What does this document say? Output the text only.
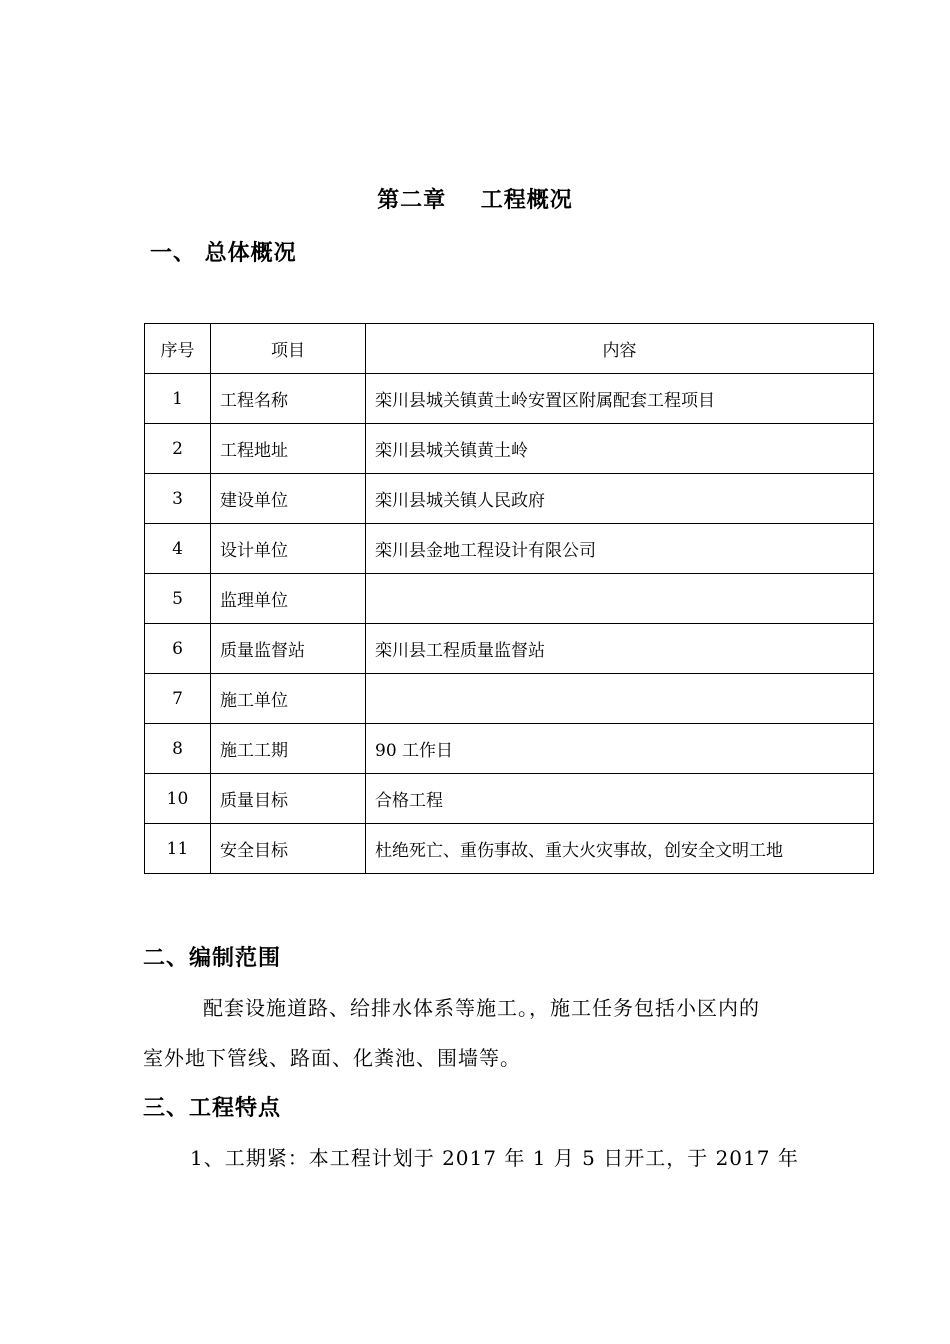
第二章    工程概况
一、 总体概况
序号	项目	内容
1	工程名称	栾川县城关镇黄土岭安置区附属配套工程项目
2	工程地址	栾川县城关镇黄土岭
3	建设单位	栾川县城关镇人民政府
4	设计单位	栾川县金地工程设计有限公司
5	监理单位	
6	质量监督站	栾川县工程质量监督站
7	施工单位	
8	施工工期	90 工作日
10	质量目标	合格工程
11	安全目标	杜绝死亡、重伤事故、重大火灾事故，创安全文明工地
二、编制范围
配套设施道路、给排水体系等施工。，施工任务包括小区内的
室外地下管线、路面、化粪池、围墙等。
三、工程特点
1、工期紧：本工程计划于 2017 年 1 月 5 日开工，于 2017 年
